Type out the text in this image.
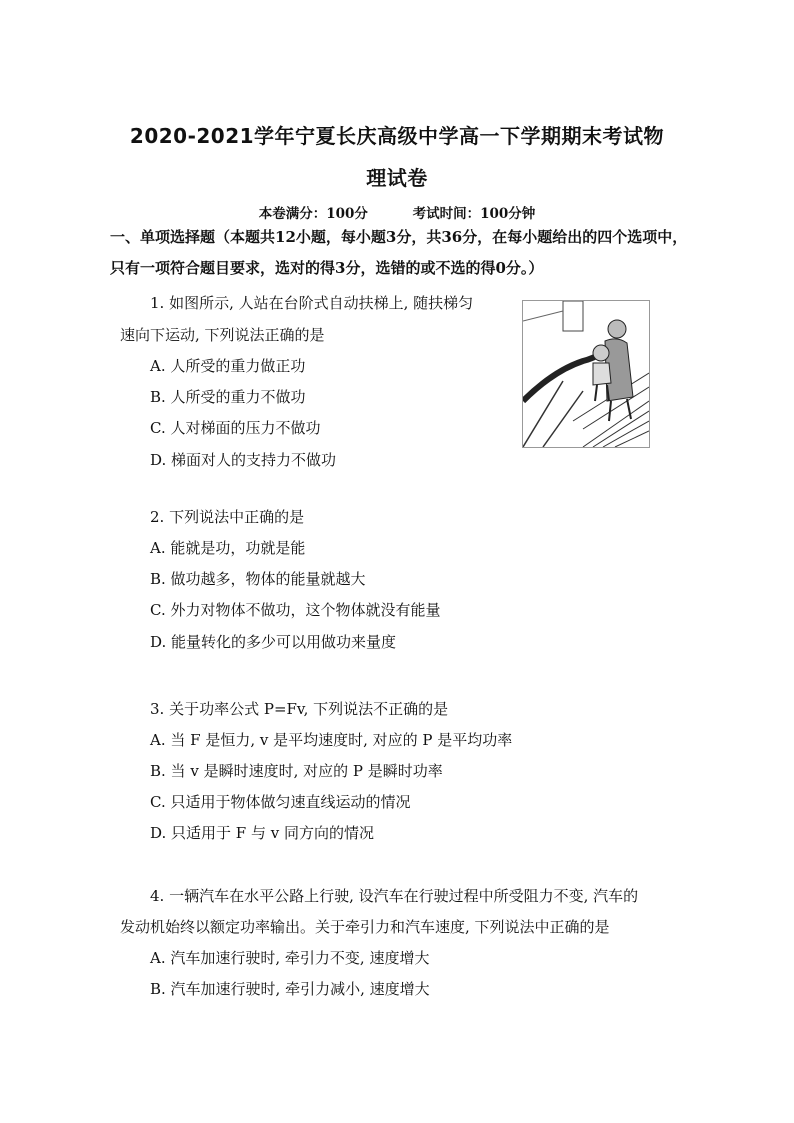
2020-2021学年宁夏长庆高级中学高一下学期期末考试物
理试卷
本卷满分：100分	考试时间：100分钟
一、单项选择题（本题共12小题，每小题3分，共36分，在每小题给出的四个选项中，只有一项符合题目要求，选对的得3分，选错的或不选的得0分。）
1. 如图所示, 人站在台阶式自动扶梯上, 随扶梯匀
速向下运动, 下列说法正确的是
A. 人所受的重力做正功
B. 人所受的重力不做功
C. 人对梯面的压力不做功
D. 梯面对人的支持力不做功
2. 下列说法中正确的是
A. 能就是功，功就是能
B. 做功越多，物体的能量就越大
C. 外力对物体不做功，这个物体就没有能量
D. 能量转化的多少可以用做功来量度
3. 关于功率公式 P=Fv, 下列说法不正确的是
A. 当 F 是恒力, v 是平均速度时, 对应的 P 是平均功率
B. 当 v 是瞬时速度时, 对应的 P 是瞬时功率
C. 只适用于物体做匀速直线运动的情况
D. 只适用于 F 与 v 同方向的情况
4. 一辆汽车在水平公路上行驶, 设汽车在行驶过程中所受阻力不变, 汽车的
发动机始终以额定功率输出。关于牵引力和汽车速度, 下列说法中正确的是
A. 汽车加速行驶时, 牵引力不变, 速度增大
B. 汽车加速行驶时, 牵引力减小, 速度增大
